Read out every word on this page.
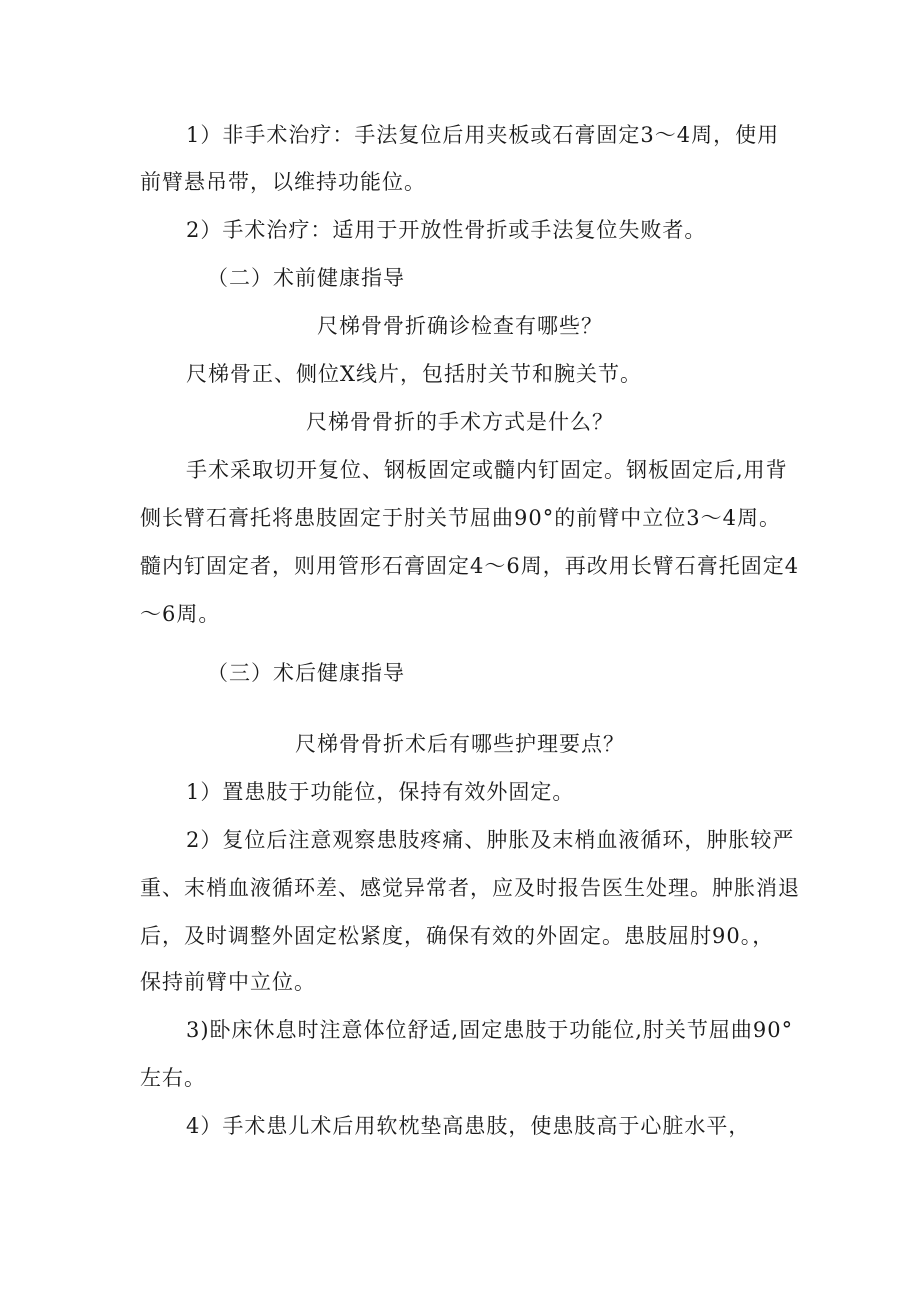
1）非手术治疗：手法复位后用夹板或石膏固定3～4周，使用
前臂悬吊带，以维持功能位。
2）手术治疗：适用于开放性骨折或手法复位失败者。
（二）术前健康指导
尺梯骨骨折确诊检查有哪些？
尺梯骨正、侧位X线片，包括肘关节和腕关节。
尺梯骨骨折的手术方式是什么？
手术采取切开复位、钢板固定或髓内钉固定。钢板固定后,用背
侧长臂石膏托将患肢固定于肘关节屈曲90°的前臂中立位3～4周。
髓内钉固定者，则用管形石膏固定4～6周，再改用长臂石膏托固定4
～6周。
（三）术后健康指导
尺梯骨骨折术后有哪些护理要点？
1）置患肢于功能位，保持有效外固定。
2）复位后注意观察患肢疼痛、肿胀及末梢血液循环，肿胀较严
重、末梢血液循环差、感觉异常者，应及时报告医生处理。肿胀消退
后，及时调整外固定松紧度，确保有效的外固定。患肢屈肘90。，
保持前臂中立位。
3)卧床休息时注意体位舒适,固定患肢于功能位,肘关节屈曲90°
左右。
4）手术患儿术后用软枕垫高患肢，使患肢高于心脏水平，
